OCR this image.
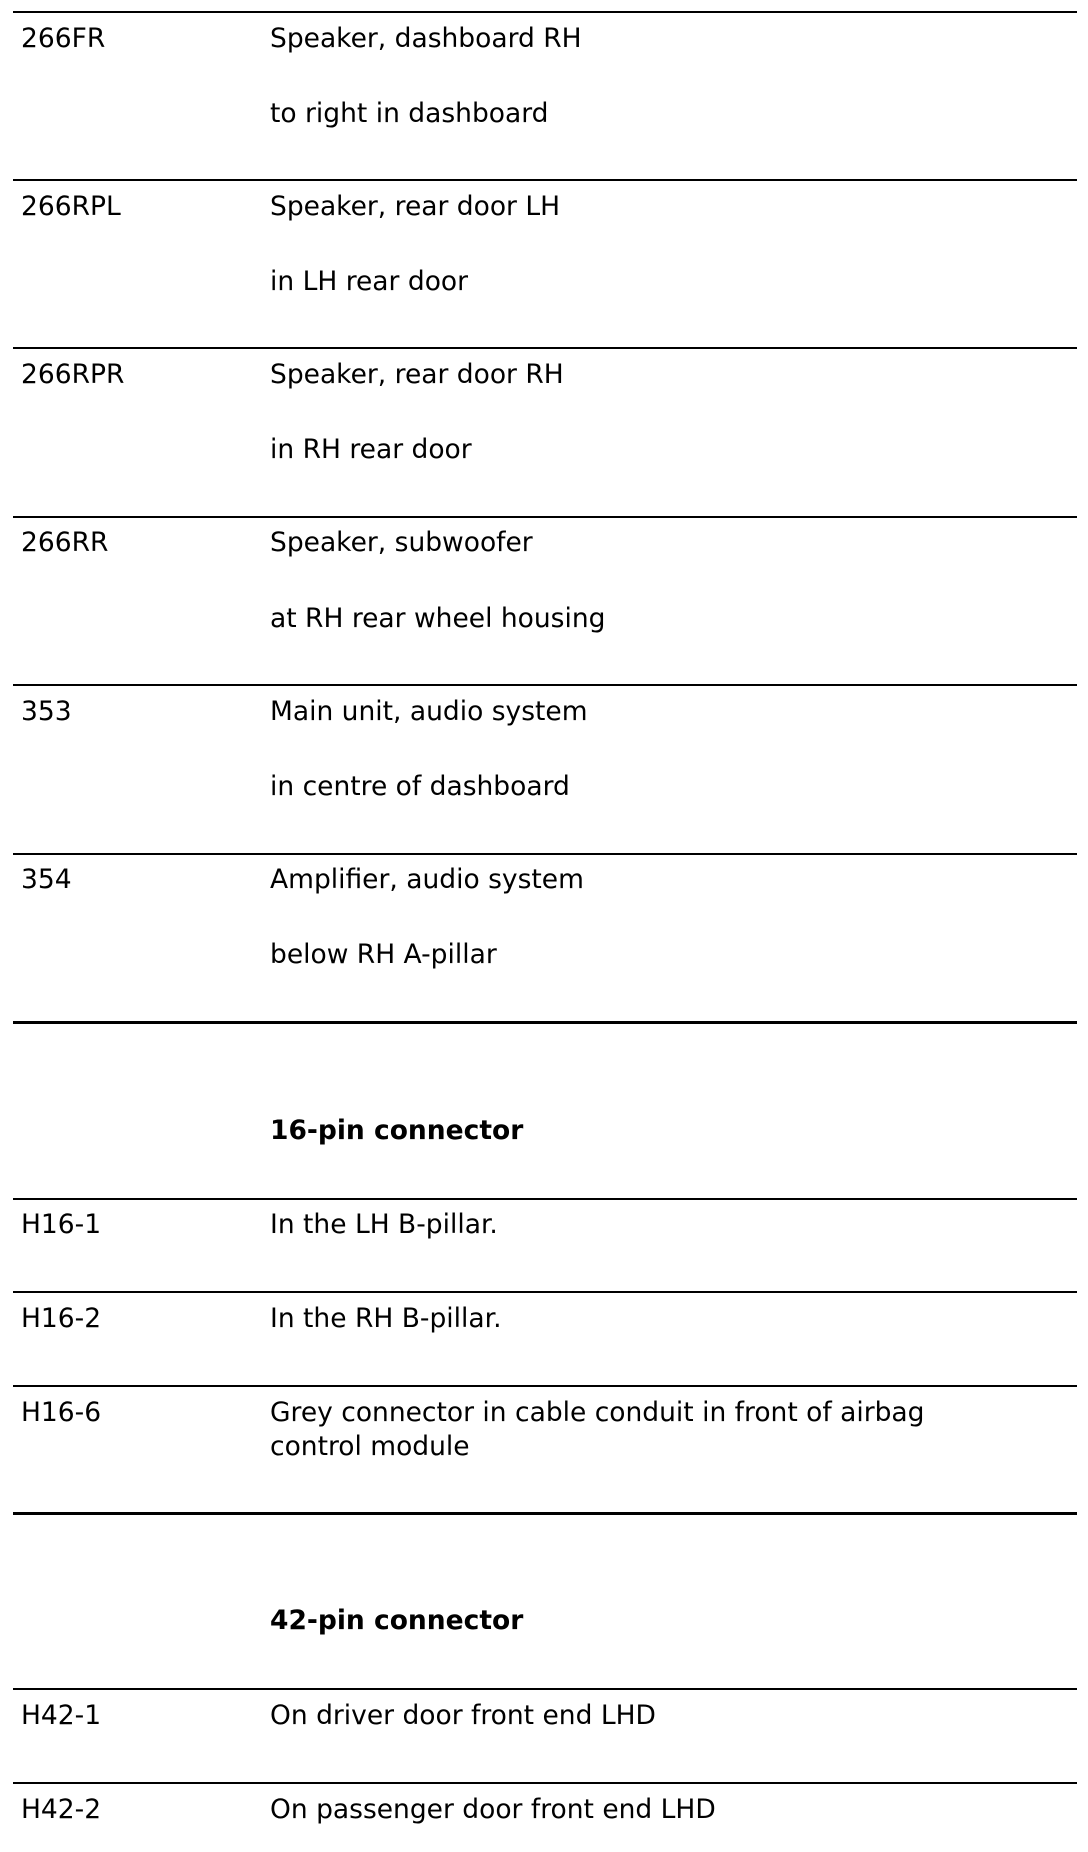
266FR	Speaker, dashboard RH
to right in dashboard
266RPL	Speaker, rear door LH
in LH rear door
266RPR	Speaker, rear door RH
in RH rear door
266RR	Speaker, subwoofer
at RH rear wheel housing
353	Main unit, audio system
in centre of dashboard
354	Amplifier, audio system
below RH A-pillar
16-pin connector
H16-1	In the LH B-pillar.
H16-2	In the RH B-pillar.
H16-6	Grey connector in cable conduit in front of airbag control module
42-pin connector
H42-1	On driver door front end LHD
H42-2	On passenger door front end LHD
